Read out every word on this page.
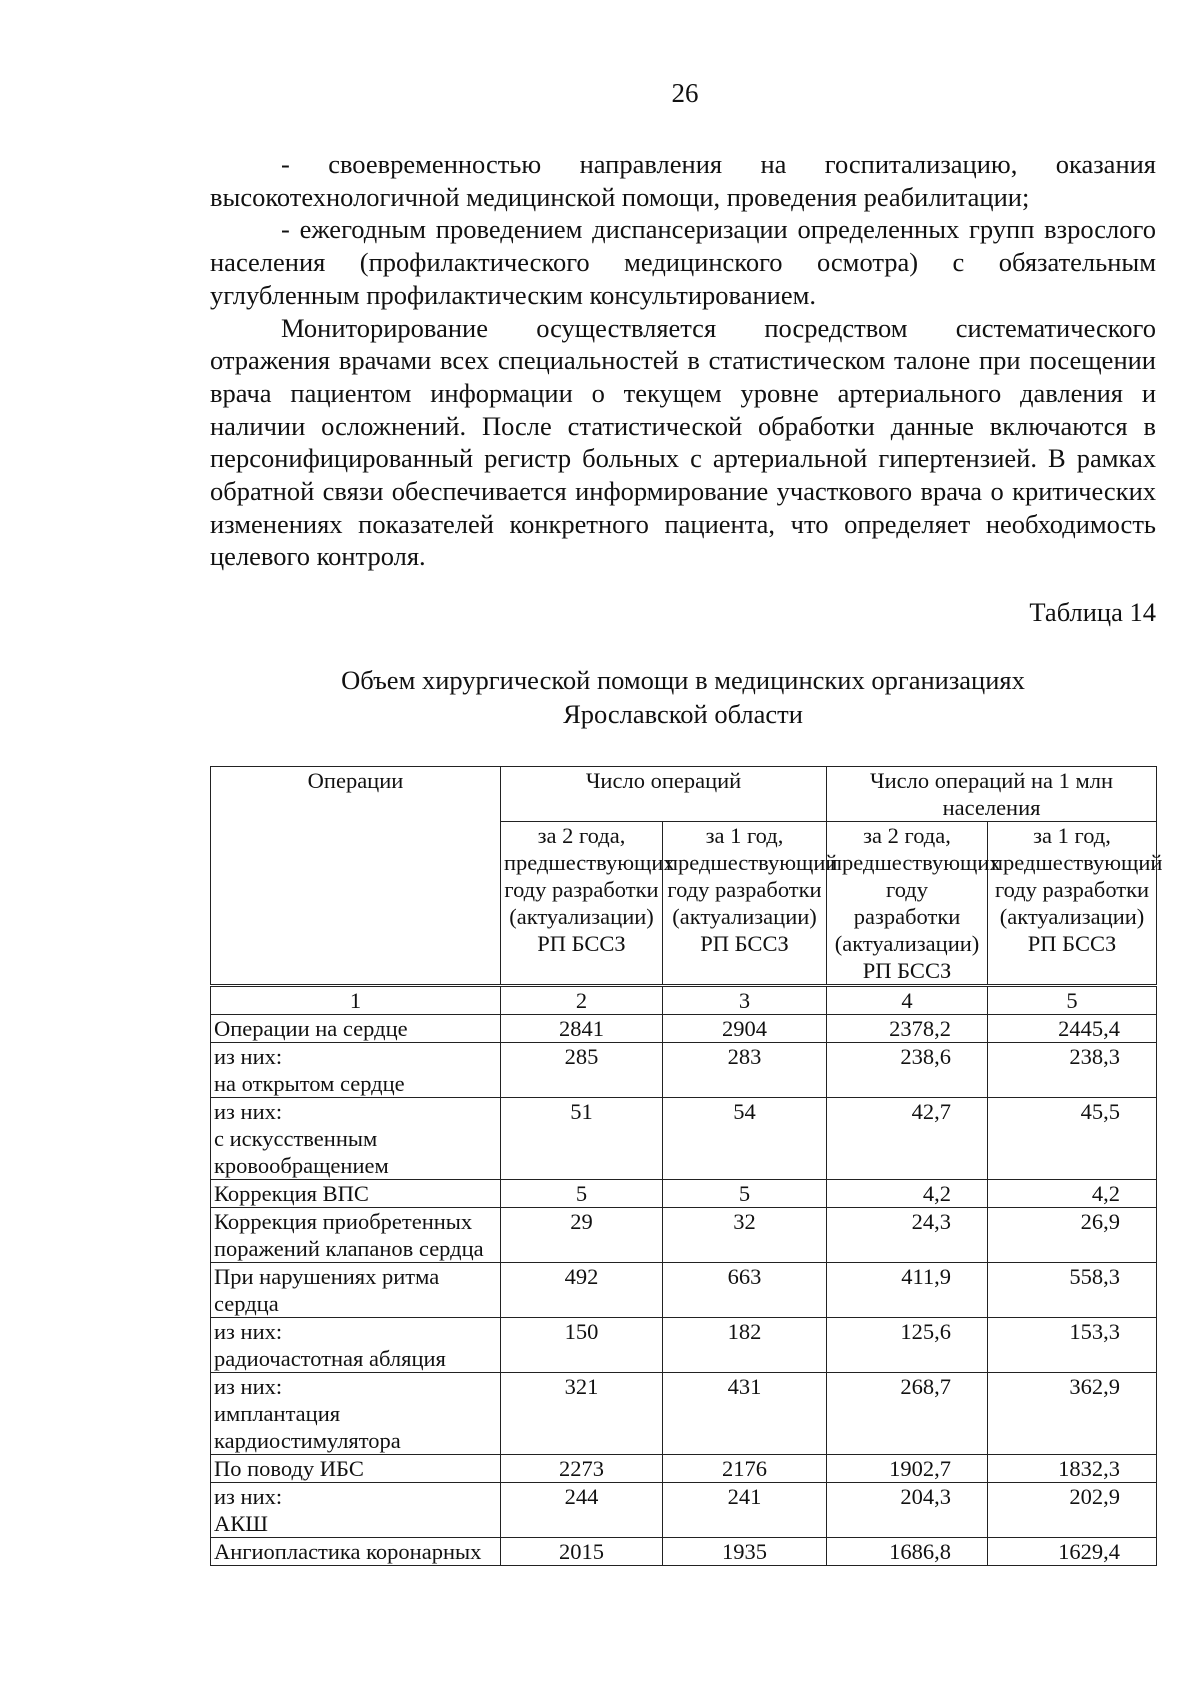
26

- своевременностью направления на госпитализацию, оказания высокотехнологичной медицинской помощи, проведения реабилитации;

- ежегодным проведением диспансеризации определенных групп взрослого населения (профилактического медицинского осмотра) с обязательным углубленным профилактическим консультированием.

Мониторирование осуществляется посредством систематического отражения врачами всех специальностей в статистическом талоне при посещении врача пациентом информации о текущем уровне артериального давления и наличии осложнений. После статистической обработки данные включаются в персонифицированный регистр больных с артериальной гипертензией. В рамках обратной связи обеспечивается информирование участкового врача о критических изменениях показателей конкретного пациента, что определяет необходимость целевого контроля.

Таблица 14
Объем хирургической помощи в медицинских организациях
Ярославской области
Операции	Число операций		Число операций на 1 млн населения	
	за 2 года, предшествующих году разработки (актуализации) РП БССЗ	за 1 год, предшествующий году разработки (актуализации) РП БССЗ	за 2 года, предшествующих году разработки (актуализации) РП БССЗ	за 1 год, предшествующий году разработки (актуализации) РП БССЗ
1	2	3	4	5

Операции на сердце	2841	2904	2378,2	2445,4

из них:
на открытом сердце	285	283	238,6	238,3

из них:
с искусственным кровообращением	51	54	42,7	45,5

Коррекция ВПС	5	5	4,2	4,2

Коррекция приобретенных поражений клапанов сердца	29	32	24,3	26,9

При нарушениях ритма сердца	492	663	411,9	558,3

из них:
радиочастотная абляция	150	182	125,6	153,3

из них:
имплантация кардиостимулятора	321	431	268,7	362,9

По поводу ИБС	2273	2176	1902,7	1832,3

из них:
АКШ	244	241	204,3	202,9

Ангиопластика коронарных	2015	1935	1686,8	1629,4
